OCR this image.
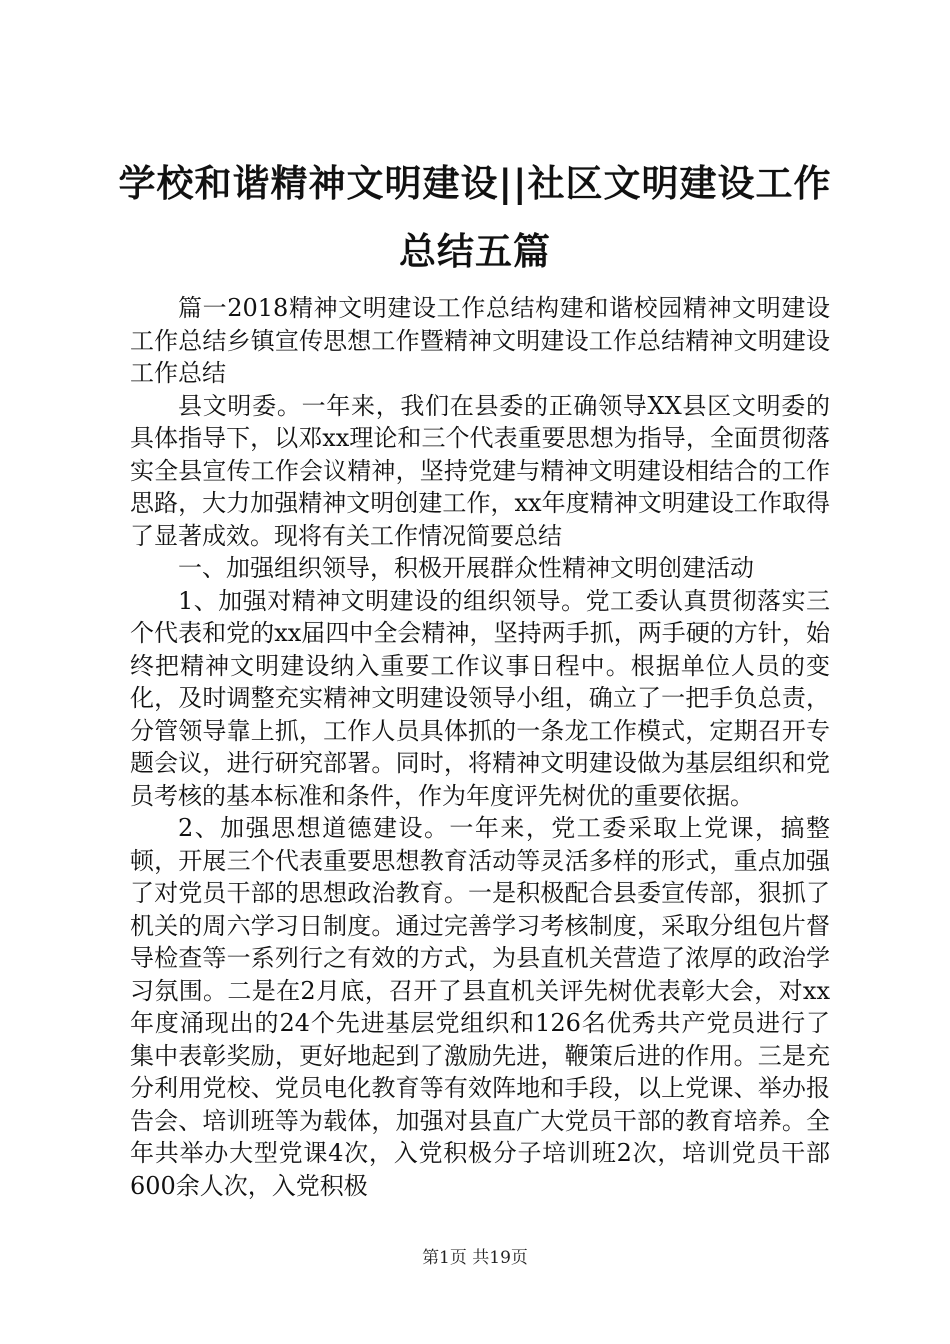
学校和谐精神文明建设||社区文明建设工作总结五篇

篇一2018精神文明建设工作总结构建和谐校园精神文明建设工作总结乡镇宣传思想工作暨精神文明建设工作总结精神文明建设工作总结

县文明委。一年来，我们在县委的正确领导XX县区文明委的具体指导下，以邓xx理论和三个代表重要思想为指导，全面贯彻落实全县宣传工作会议精神，坚持党建与精神文明建设相结合的工作思路，大力加强精神文明创建工作，xx年度精神文明建设工作取得了显著成效。现将有关工作情况简要总结

一、加强组织领导，积极开展群众性精神文明创建活动

1、加强对精神文明建设的组织领导。党工委认真贯彻落实三个代表和党的xx届四中全会精神，坚持两手抓，两手硬的方针，始终把精神文明建设纳入重要工作议事日程中。根据单位人员的变化，及时调整充实精神文明建设领导小组，确立了一把手负总责，分管领导靠上抓，工作人员具体抓的一条龙工作模式，定期召开专题会议，进行研究部署。同时，将精神文明建设做为基层组织和党员考核的基本标准和条件，作为年度评先树优的重要依据。

2、加强思想道德建设。一年来，党工委采取上党课，搞整顿，开展三个代表重要思想教育活动等灵活多样的形式，重点加强了对党员干部的思想政治教育。一是积极配合县委宣传部，狠抓了机关的周六学习日制度。通过完善学习考核制度，采取分组包片督导检查等一系列行之有效的方式，为县直机关营造了浓厚的政治学习氛围。二是在2月底，召开了县直机关评先树优表彰大会，对xx年度涌现出的24个先进基层党组织和126名优秀共产党员进行了集中表彰奖励，更好地起到了激励先进，鞭策后进的作用。三是充分利用党校、党员电化教育等有效阵地和手段，以上党课、举办报告会、培训班等为载体，加强对县直广大党员干部的教育培养。全年共举办大型党课4次，入党积极分子培训班2次，培训党员干部600余人次，入党积极

第1页 共19页
